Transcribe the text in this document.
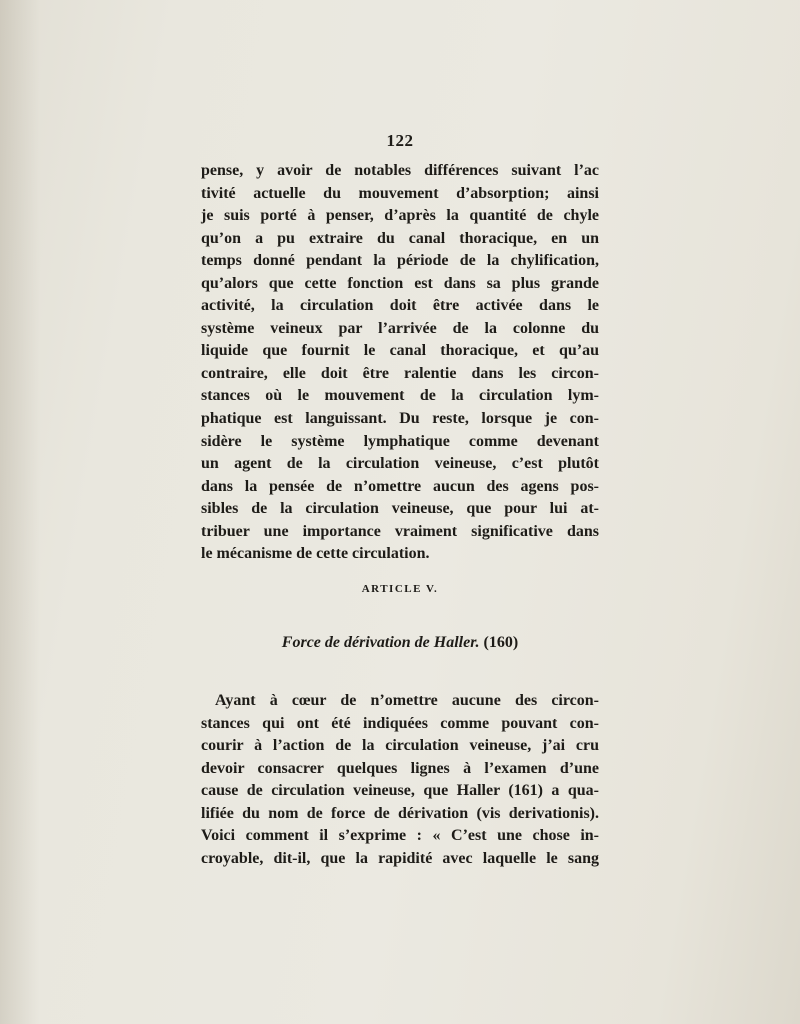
122
pense, y avoir de notables différences suivant l’ac
tivité actuelle du mouvement d’absorption; ainsi
je suis porté à penser, d’après la quantité de chyle
qu’on a pu extraire du canal thoracique, en un
temps donné pendant la période de la chylification,
qu’alors que cette fonction est dans sa plus grande
activité, la circulation doit être activée dans le
système veineux par l’arrivée de la colonne du
liquide que fournit le canal thoracique, et qu’au
contraire, elle doit être ralentie dans les circon-
stances où le mouvement de la circulation lym-
phatique est languissant. Du reste, lorsque je con-
sidère le système lymphatique comme devenant
un agent de la circulation veineuse, c’est plutôt
dans la pensée de n’omettre aucun des agens pos-
sibles de la circulation veineuse, que pour lui at-
tribuer une importance vraiment significative dans
le mécanisme de cette circulation.
ARTICLE V.
Force de dérivation de Haller. (160)
Ayant à cœur de n’omettre aucune des circon-
stances qui ont été indiquées comme pouvant con-
courir à l’action de la circulation veineuse, j’ai cru
devoir consacrer quelques lignes à l’examen d’une
cause de circulation veineuse, que Haller (161) a qua-
lifiée du nom de force de dérivation (vis derivationis).
Voici comment il s’exprime : « C’est une chose in-
croyable, dit-il, que la rapidité avec laquelle le sang
